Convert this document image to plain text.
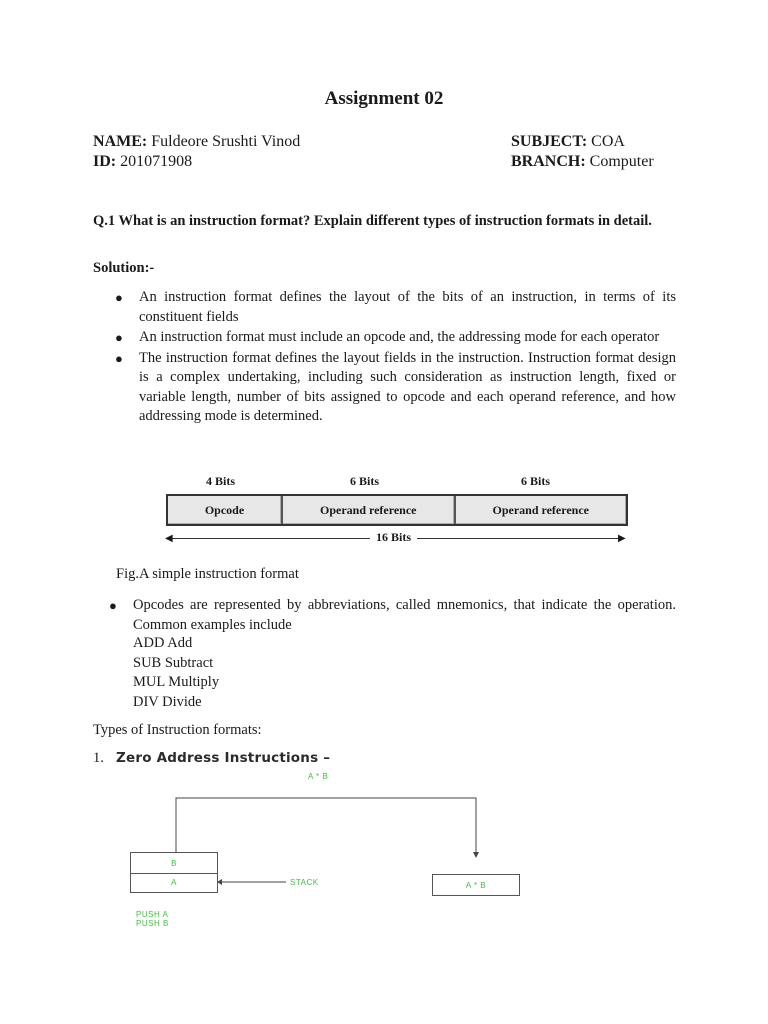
Assignment 02
NAME: Fuldeore Srushti Vinod
ID: 201071908
SUBJECT: COA
BRANCH: Computer
Q.1 What is an instruction format? Explain different types of instruction formats in detail.
Solution:-
● An instruction format defines the layout of the bits of an instruction, in terms of its constituent fields
● An instruction format must include an opcode and, the addressing mode for each operator
● The instruction format defines the layout fields in the instruction. Instruction format design is a complex undertaking, including such consideration as instruction length, fixed or variable length, number of bits assigned to opcode and each operand reference, and how addressing mode is determined.
4 Bits	6 Bits	6 Bits
Opcode	Operand reference	Operand reference
◀	▶
16 Bits
Fig.A simple instruction format
● Opcodes are represented by abbreviations, called mnemonics, that indicate the operation. Common examples include
ADD Add
SUB Subtract
MUL Multiply
DIV Divide
Types of Instruction formats:
1. Zero Address Instructions –
A * B
B
A	STACK	A * B
PUSH A
PUSH B
